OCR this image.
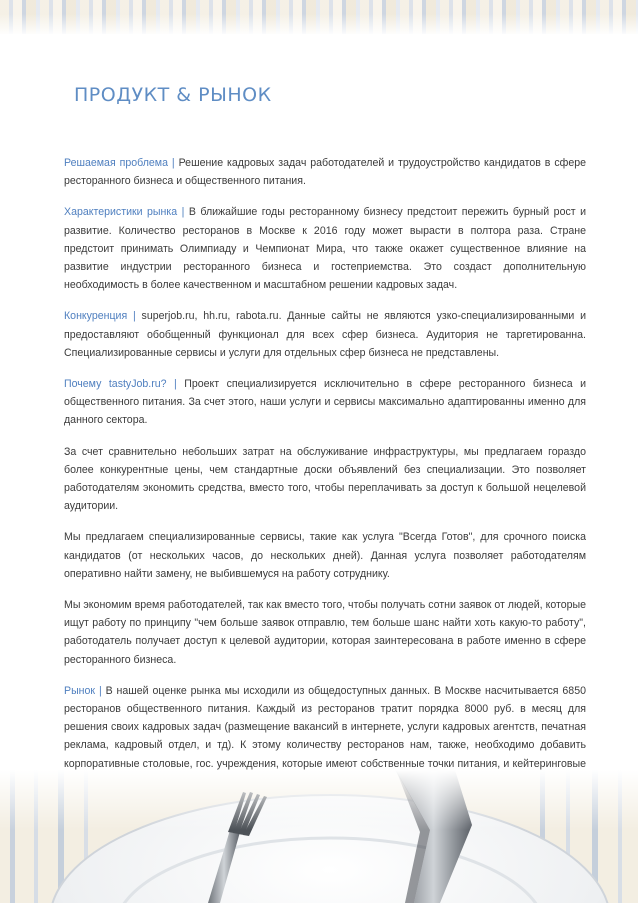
ПРОДУКТ & РЫНОК

Решаемая проблема | Решение кадровых задач работодателей и трудоустройство кандидатов в сфере ресторанного бизнеса и общественного питания.

Характеристики рынка | В ближайшие годы ресторанному бизнесу предстоит пережить бурный рост и развитие. Количество ресторанов в Москве к 2016 году может вырасти в полтора раза. Стране предстоит принимать Олимпиаду и Чемпионат Мира, что также окажет существенное влияние на развитие индустрии ресторанного бизнеса и гостеприемства. Это создаст дополнительную необходимость в более качественном и масштабном решении кадровых задач.

Конкуренция | superjob.ru, hh.ru, rabota.ru. Данные сайты не являются узко-специализированными и предоставляют обобщенный функционал для всех сфер бизнеса. Аудитория не таргетированна. Специализированные сервисы и услуги для отдельных сфер бизнеса не представлены.

Почему tastyJob.ru? | Проект специализируется исключительно в сфере ресторанного бизнеса и общественного питания. За счет этого, наши услуги и сервисы максимально адаптированны именно для данного сектора.

За счет сравнительно небольших затрат на обслуживание инфраструктуры, мы предлагаем гораздо более конкурентные цены, чем стандартные доски объявлений без специализации. Это позволяет работодателям экономить средства, вместо того, чтобы переплачивать за доступ к большой нецелевой аудитории.

Мы предлагаем специализированные сервисы, такие как услуга "Всегда Готов", для срочного поиска кандидатов (от нескольких часов, до нескольких дней). Данная услуга позволяет работодателям оперативно найти замену, не выбившемуся на работу сотруднику.

Мы экономим время работодателей, так как вместо того, чтобы получать сотни заявок от людей, которые ищут работу по принципу "чем больше заявок отправлю, тем больше шанс найти хоть какую-то работу", работодатель получает доступ к целевой аудитории, которая заинтересована в работе именно в сфере ресторанного бизнеса.

Рынок | В нашей оценке рынка мы исходили из общедоступных данных. В Москве насчитывается 6850 ресторанов общественного питания. Каждый из ресторанов тратит порядка 8000 руб. в месяц для решения своих кадровых задач (размещение вакансий в интернете, услуги кадровых агентств, печатная реклама, кадровый отдел, и тд). К этому количеству ресторанов нам, также, необходимо добавить корпоративные столовые, гос. учреждения, которые имеют собственные точки питания, и кейтеринговые
